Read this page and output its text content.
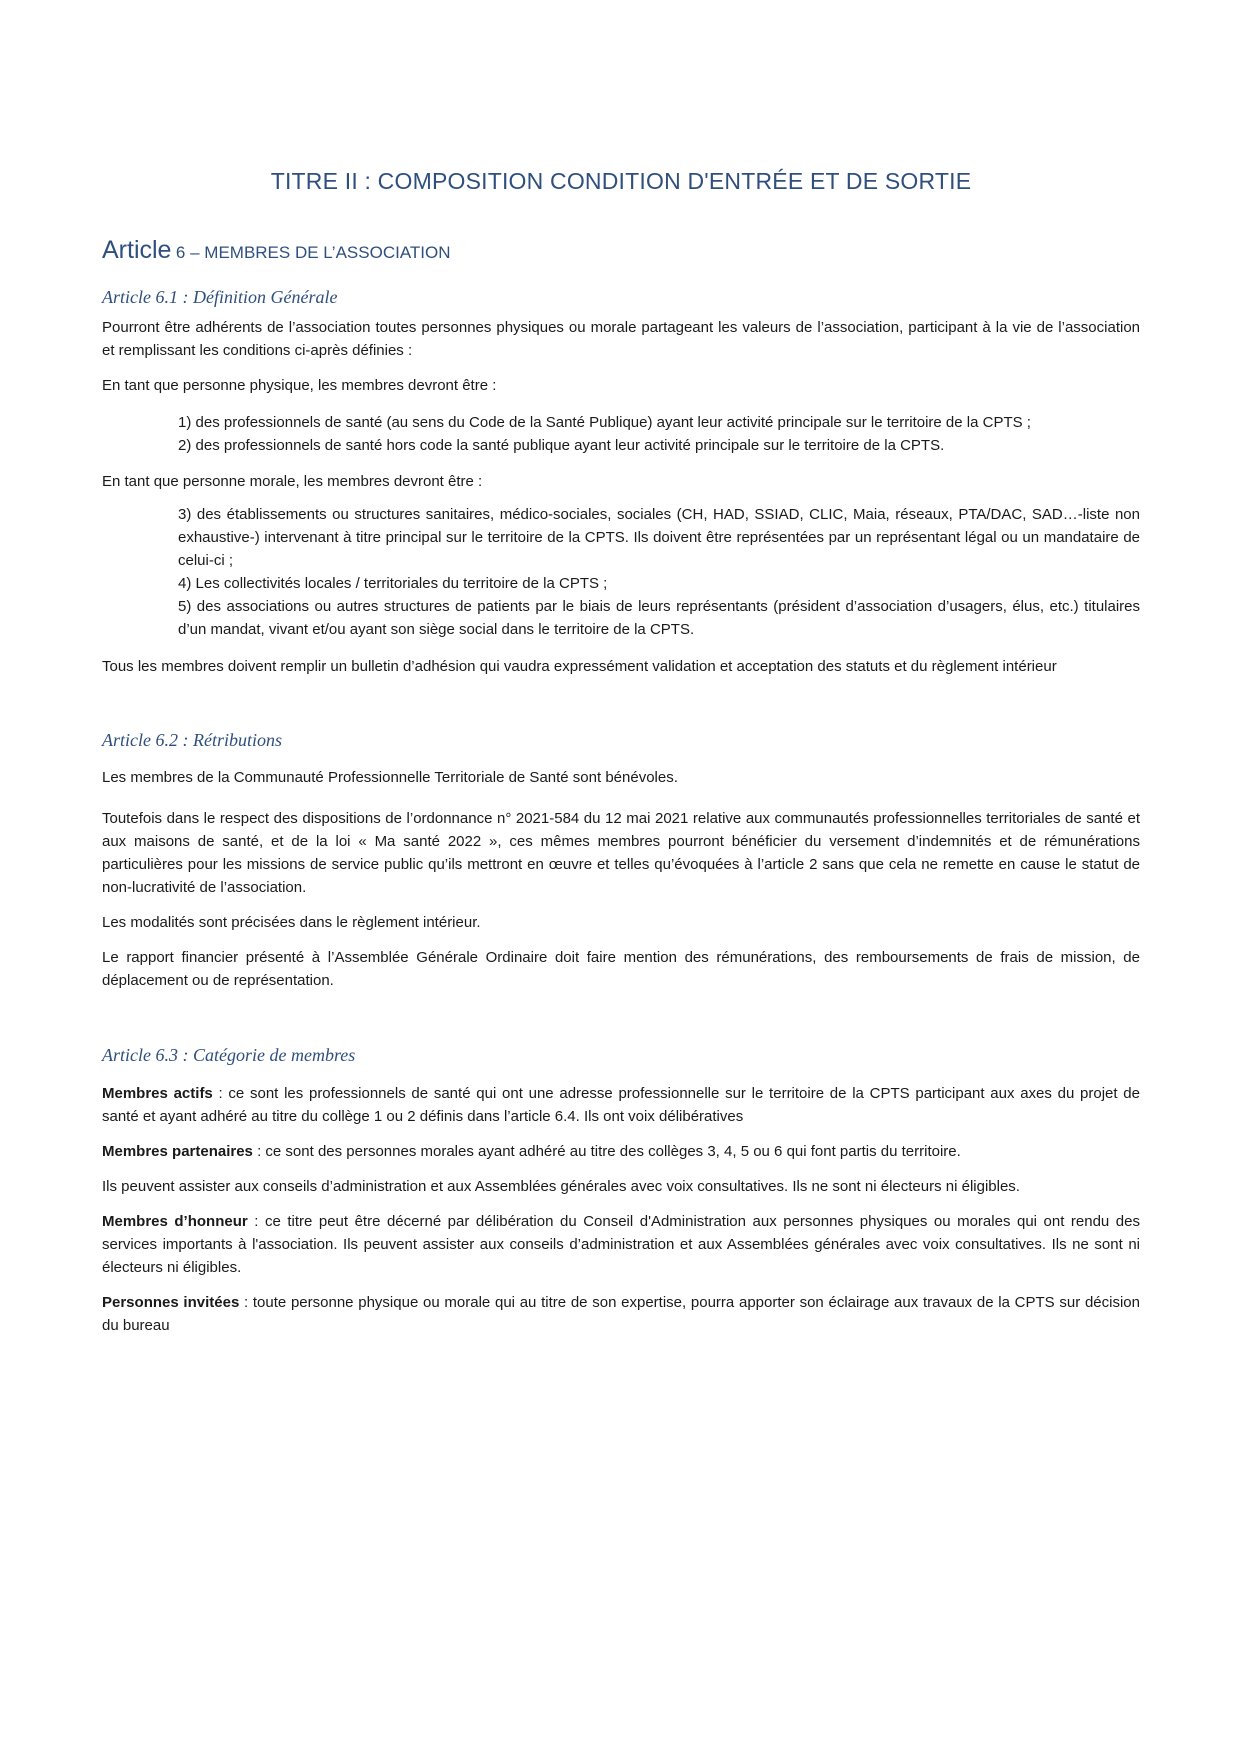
TITRE II : COMPOSITION CONDITION D'ENTRÉE ET DE SORTIE
Article 6 – MEMBRES DE L’ASSOCIATION
Article 6.1 : Définition Générale

Pourront être adhérents de l’association toutes personnes physiques ou morale partageant les valeurs de l’association, participant à la vie de l’association et remplissant les conditions ci-après définies :

En tant que personne physique, les membres devront être :

1) des professionnels de santé (au sens du Code de la Santé Publique) ayant leur activité principale sur le territoire de la CPTS ;
2) des professionnels de santé hors code la santé publique ayant leur activité principale sur le territoire de la CPTS.

En tant que personne morale, les membres devront être :

3) des établissements ou structures sanitaires, médico-sociales, sociales (CH, HAD, SSIAD, CLIC, Maia, réseaux, PTA/DAC, SAD…-liste non exhaustive-) intervenant à titre principal sur le territoire de la CPTS. Ils doivent être représentées par un représentant légal ou un mandataire de celui-ci ;
4) Les collectivités locales / territoriales du territoire de la CPTS ;
5) des associations ou autres structures de patients par le biais de leurs représentants (président d’association d’usagers, élus, etc.) titulaires d’un mandat, vivant et/ou ayant son siège social dans le territoire de la CPTS.

Tous les membres doivent remplir un bulletin d’adhésion qui vaudra expressément validation et acceptation des statuts et du règlement intérieur

Article 6.2 : Rétributions

Les membres de la Communauté Professionnelle Territoriale de Santé sont bénévoles.

Toutefois dans le respect des dispositions de l’ordonnance n° 2021-584 du 12 mai 2021 relative aux communautés professionnelles territoriales de santé et aux maisons de santé, et de la loi « Ma santé 2022 », ces mêmes membres pourront bénéficier du versement d’indemnités et de rémunérations particulières pour les missions de service public qu’ils mettront en œuvre et telles qu’évoquées à l’article 2 sans que cela ne remette en cause le statut de non-lucrativité de l’association.

Les modalités sont précisées dans le règlement intérieur.

Le rapport financier présenté à l’Assemblée Générale Ordinaire doit faire mention des rémunérations, des remboursements de frais de mission, de déplacement ou de représentation.

Article 6.3 : Catégorie de membres

Membres actifs : ce sont les professionnels de santé qui ont une adresse professionnelle sur le territoire de la CPTS participant aux axes du projet de santé et ayant adhéré au titre du collège 1 ou 2 définis dans l’article 6.4. Ils ont voix délibératives

Membres partenaires : ce sont des personnes morales ayant adhéré au titre des collèges 3, 4, 5 ou 6 qui font partis du territoire.

Ils peuvent assister aux conseils d’administration et aux Assemblées générales avec voix consultatives. Ils ne sont ni électeurs ni éligibles.

Membres d’honneur : ce titre peut être décerné par délibération du Conseil d'Administration aux personnes physiques ou morales qui ont rendu des services importants à l'association. Ils peuvent assister aux conseils d’administration et aux Assemblées générales avec voix consultatives. Ils ne sont ni électeurs ni éligibles.

Personnes invitées : toute personne physique ou morale qui au titre de son expertise, pourra apporter son éclairage aux travaux de la CPTS sur décision du bureau
